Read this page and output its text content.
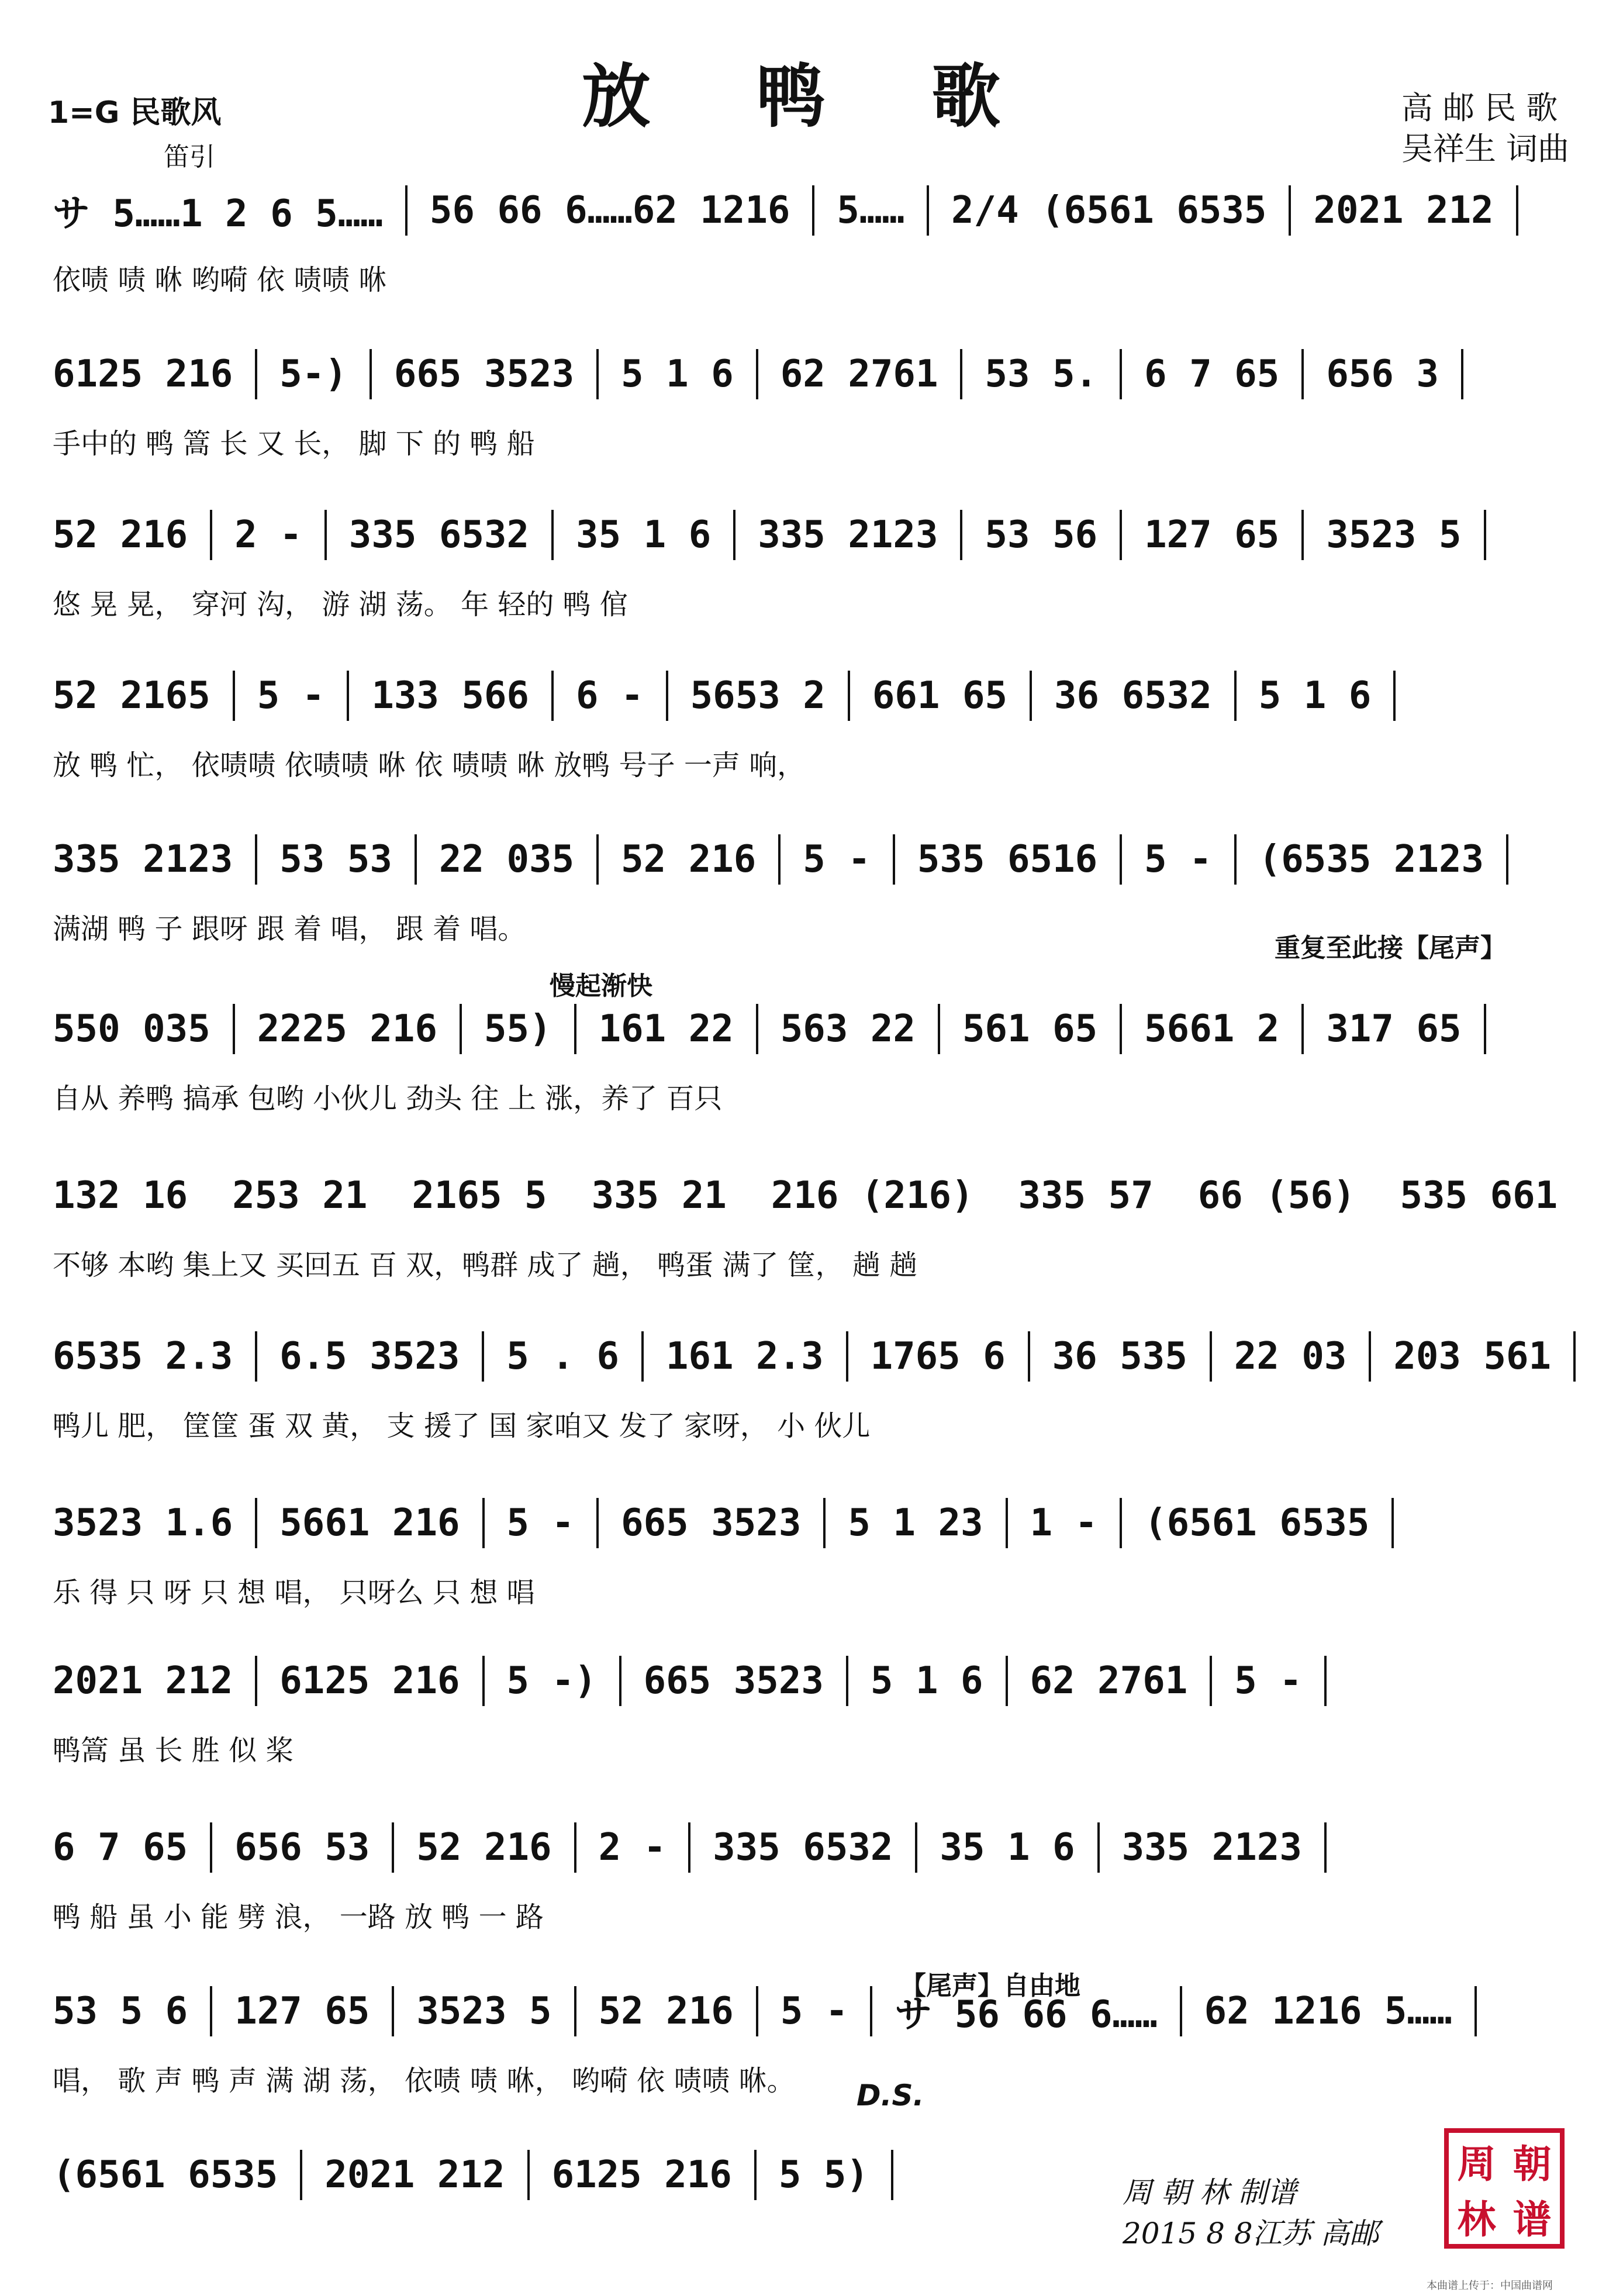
放 鸭 歌
1=G 民歌风	高 邮 民 歌
吴祥生 词曲
笛引
サ 5……1 2 6 5…… 56 66 6……62 1216 5…… 2/4 (6561 6535 2021 212
依啧 啧 咻 哟嗬 依 啧啧 咻
6125 216 5-) 665 3523 5 1 6 62 2761 53 5. 6 7 65 656 3
手中的 鸭 篙 长 又 长， 脚 下 的 鸭 船
52 216 2 - 335 6532 35 1 6 335 2123 53 56 127 65 3523 5
悠 晃 晃， 穿河 沟， 游 湖 荡。 年 轻的 鸭 倌
52 2165 5 - 133 566 6 - 5653 2 661 65 36 6532 5 1 6
放 鸭 忙， 依啧啧 依啧啧 咻 依 啧啧 咻 放鸭 号子 一声 响，
335 2123 53 53 22 035 52 216 5 - 535 6516 5 - (6535 2123
满湖 鸭 子 跟呀 跟 着 唱， 跟 着 唱。
550 035 2225 216 55) 161 22 563 22 561 65 5661 2 317 65
自从 养鸭 搞承 包哟 小伙儿 劲头 往 上 涨，养了 百只
132 16 253 21 2165 5 335 21 216 (216) 335 57 66 (56) 535 661
不够 本哟 集上又 买回五 百 双，鸭群 成了 趟， 鸭蛋 满了 筐， 趟 趟
6535 2.3 6.5 3523 5 . 6 161 2.3 1765 6 36 535 22 03 203 561
鸭儿 肥， 筐筐 蛋 双 黄， 支 援了 国 家咱又 发了 家呀， 小 伙儿
3523 1.6 5661 216 5 - 665 3523 5 1 23 1 - (6561 6535
乐 得 只 呀 只 想 唱， 只呀么 只 想 唱
2021 212 6125 216 5 -) 665 3523 5 1 6 62 2761 5 -
鸭篙 虽 长 胜 似 桨
6 7 65 656 53 52 216 2 - 335 6532 35 1 6 335 2123
鸭 船 虽 小 能 劈 浪， 一路 放 鸭 一 路
53 5 6 127 65 3523 5 52 216 5 - サ 56 66 6…… 62 1216 5……
唱， 歌 声 鸭 声 满 湖 荡， 依啧 啧 咻， 哟嗬 依 啧啧 咻。
(6561 6535 2021 212 6125 216 5 5)
重复至此接【尾声】
慢起渐快
D.S.
【尾声】自由地
周 朝 林 制谱
2015 8 8江苏 高邮
周 朝
林 谱
本曲谱上传于：中国曲谱网
